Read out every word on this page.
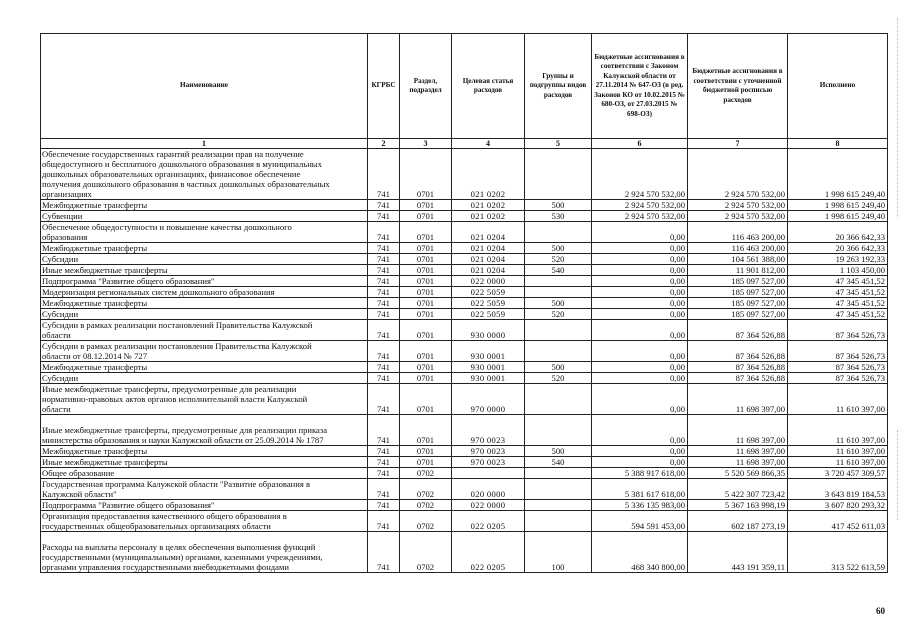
Наименование	КГРБС	Раздел, подраздел	Целевая статья расходов	Группы и подгруппы видов расходов	Бюджетные ассигнования в соответствии с Законом Калужской области от 27.11.2014 № 647-ОЗ (в ред. Законов КО от 10.02.2015 № 680-ОЗ, от 27.03.2015 № 698-ОЗ)	Бюджетные ассигнования в соответствии с уточненной бюджетной росписью расходов	Исполнено
1	2	3	4	5	6	7	8
Обеспечение государственных гарантий реализации прав на получение
общедоступного и бесплатного дошкольного образования в муниципальных
дошкольных образовательных организациях, финансовое обеспечение
получения дошкольного образования в частных дошкольных образовательных
организациях	741	0701	021 0202		2 924 570 532,00	2 924 570 532,00	1 998 615 249,40
Межбюджетные трансферты	741	0701	021 0202	500	2 924 570 532,00	2 924 570 532,00	1 998 615 249,40
Субвенции	741	0701	021 0202	530	2 924 570 532,00	2 924 570 532,00	1 998 615 249,40
Обеспечение общедоступности и повышение качества дошкольного
образования	741	0701	021 0204		0,00	116 463 200,00	20 366 642,33
Межбюджетные трансферты	741	0701	021 0204	500	0,00	116 463 200,00	20 366 642,33
Субсидии	741	0701	021 0204	520	0,00	104 561 388,00	19 263 192,33
Иные межбюджетные трансферты	741	0701	021 0204	540	0,00	11 901 812,00	1 103 450,00
Подпрограмма "Развитие общего образования"	741	0701	022 0000		0,00	185 097 527,00	47 345 451,52
Модернизация региональных систем дошкольного образования	741	0701	022 5059		0,00	185 097 527,00	47 345 451,52
Межбюджетные трансферты	741	0701	022 5059	500	0,00	185 097 527,00	47 345 451,52
Субсидии	741	0701	022 5059	520	0,00	185 097 527,00	47 345 451,52
Субсидии в рамках реализации постановлений Правительства Калужской
области	741	0701	930 0000		0,00	87 364 526,88	87 364 526,73
Субсидии в рамках реализации постановления Правительства Калужской
области от 08.12.2014 № 727	741	0701	930 0001		0,00	87 364 526,88	87 364 526,73
Межбюджетные трансферты	741	0701	930 0001	500	0,00	87 364 526,88	87 364 526,73
Субсидии	741	0701	930 0001	520	0,00	87 364 526,88	87 364 526,73
Иные межбюджетные трансферты, предусмотренные для реализации
нормативно-правовых актов органов исполнительной власти Калужской
области	741	0701	970 0000		0,00	11 698 397,00	11 610 397,00

Иные межбюджетные трансферты, предусмотренные для реализации приказа
министерства образования и науки Калужской области от 25.09.2014 № 1787	741	0701	970 0023		0,00	11 698 397,00	11 610 397,00
Межбюджетные трансферты	741	0701	970 0023	500	0,00	11 698 397,00	11 610 397,00
Иные межбюджетные трансферты	741	0701	970 0023	540	0,00	11 698 397,00	11 610 397,00
Общее образование	741	0702			5 388 917 618,00	5 520 569 866,35	3 720 457 309,57
Государственная программа Калужской области "Развитие образования в
Калужской области"	741	0702	020 0000		5 381 617 618,00	5 422 307 723,42	3 643 819 184,53
Подпрограмма "Развитие общего образования"	741	0702	022 0000		5 336 135 983,00	5 367 163 998,19	3 607 820 293,32
Организация предоставления качественного общего образования в
государственных общеобразовательных организациях области	741	0702	022 0205		594 591 453,00	602 187 273,19	417 452 611,03

Расходы на выплаты персоналу в целях обеспечения выполнения функций
государственными (муниципальными) органами, казенными учреждениями,
органами управления государственными внебюджетными фондами	741	0702	022 0205	100	468 340 800,00	443 191 359,11	313 522 613,59
60
